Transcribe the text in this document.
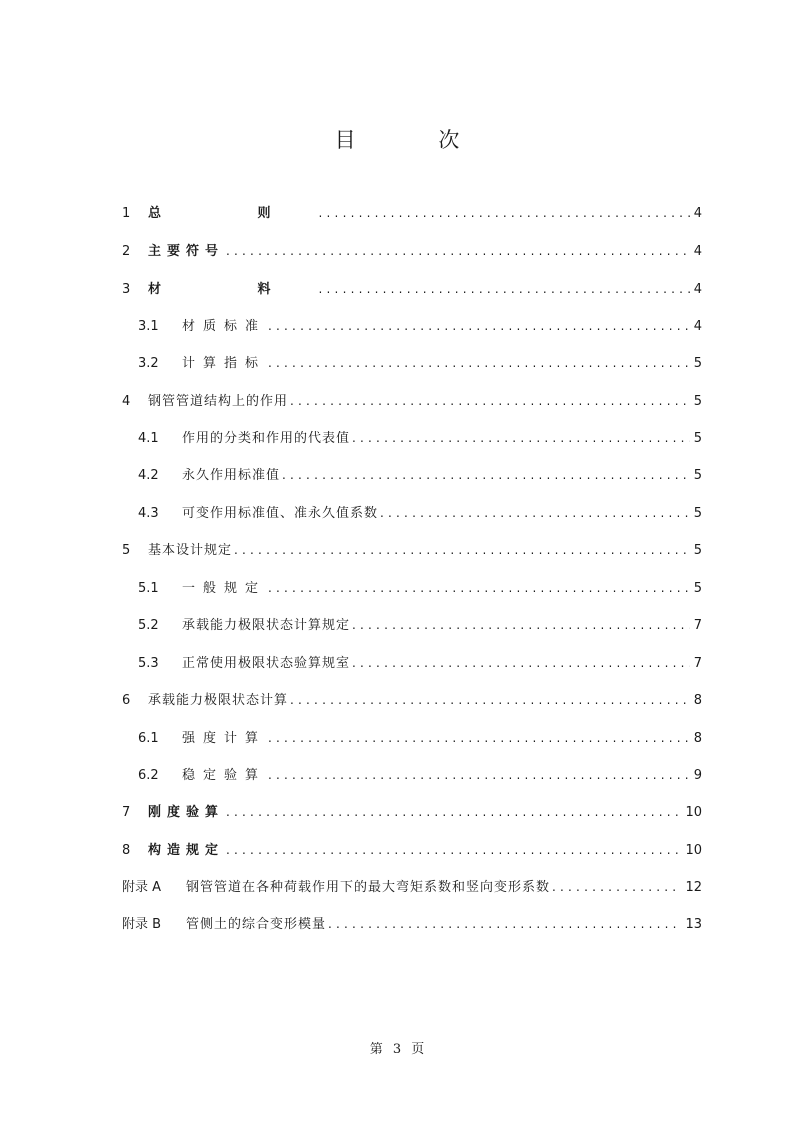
目 次
1	总 则 .....	4
2	主要符号 .....	4
3	材 料 .....	4
3.1	材质标准 .....	4
3.2	计算指标 .....	5
4	钢管管道结构上的作用 .....	5
4.1	作用的分类和作用的代表值 .....	5
4.2	永久作用标准值 .....	5
4.3	可变作用标准值、准永久值系数 .....	5
5	基本设计规定 .....	5
5.1	一般规定 .....	5
5.2	承载能力极限状态计算规定 .....	7
5.3	正常使用极限状态验算规室 .....	7
6	承载能力极限状态计算 .....	8
6.1	强度计算 .....	8
6.2	稳定验算 .....	9
7	刚度验算 .....	10
8	构造规定 .....	10
附录 A	钢管管道在各种荷载作用下的最大弯矩系数和竖向变形系数 .....	12
附录 B	管侧土的综合变形模量 .....	13
第 3 页
